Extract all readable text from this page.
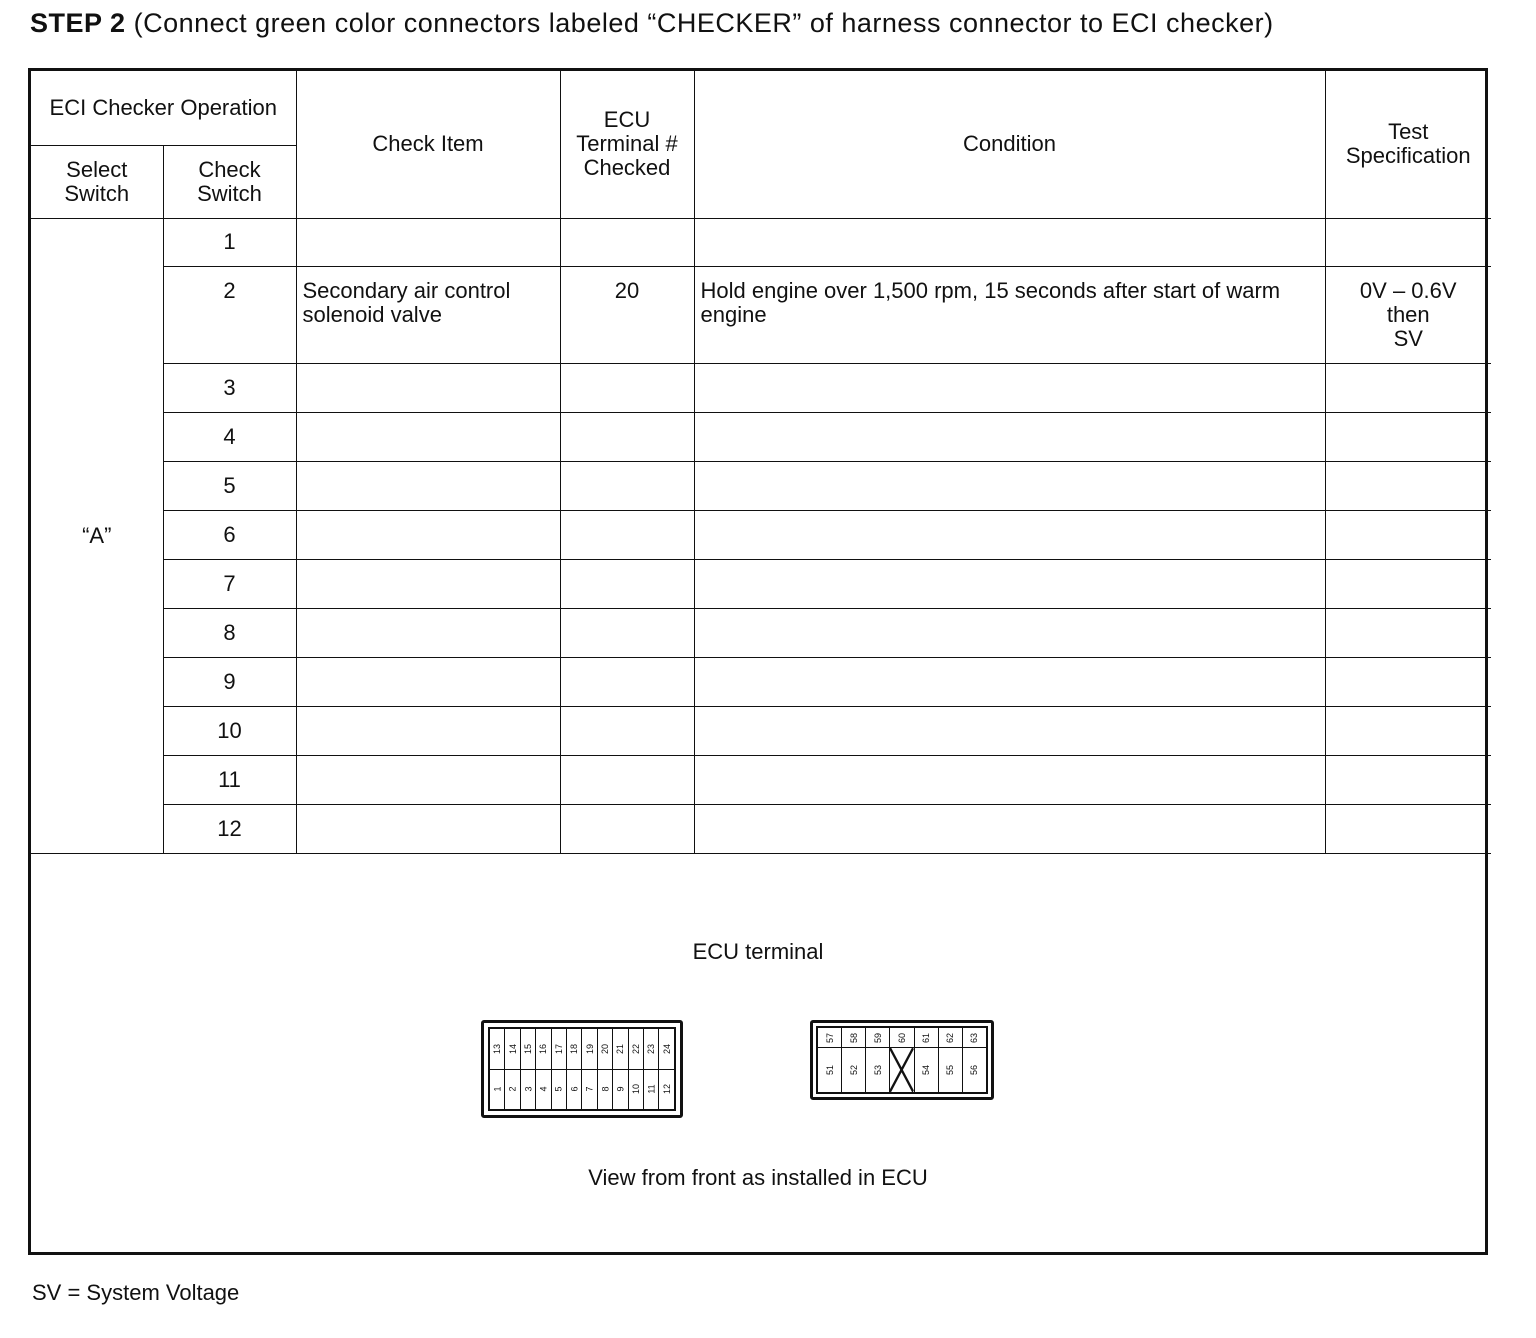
STEP 2 (Connect green color connectors labeled “CHECKER” of harness connector to ECI checker)
ECI Checker Operation		Check Item	ECU Terminal # Checked	Condition	Test Specification
Select Switch	Check Switch				
“A”	1				
	2	Secondary air control solenoid valve	20	Hold engine over 1,500 rpm, 15 seconds after start of warm engine	0V – 0.6V
then
SV

	3				
	4				
	5				
	6				
	7				
	8				
	9				
	10				
	11				
	12				
ECU terminal
13	14	15	16	17	18	19	20	21	22	23	24
1	2	3	4	5	6	7	8	9	10	11	12
57	58	59	60	61	62	63
51	52	53		54	55	56
View from front as installed in ECU
SV = System Voltage
